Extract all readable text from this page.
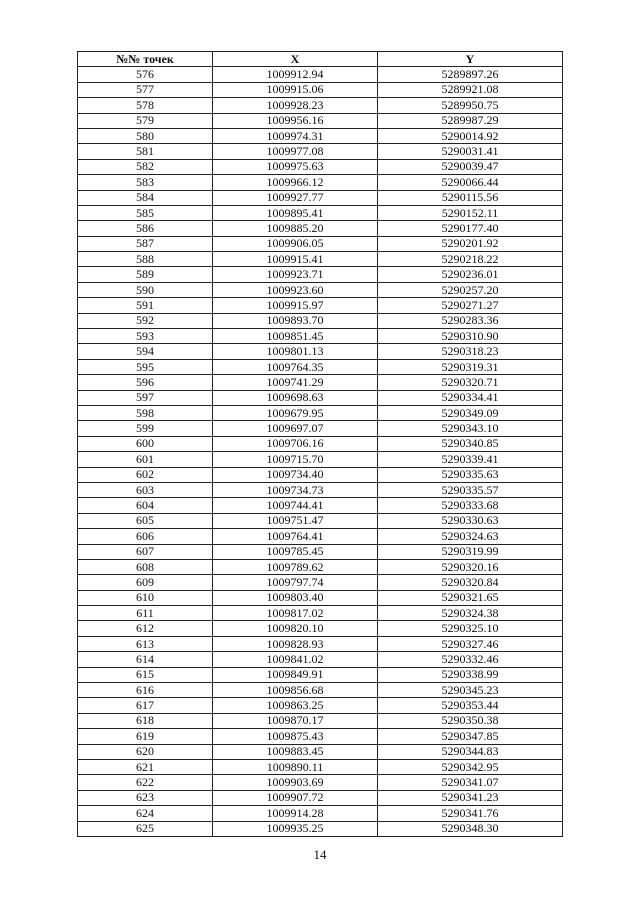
№№ точек	X	Y
576	1009912.94	5289897.26
577	1009915.06	5289921.08
578	1009928.23	5289950.75
579	1009956.16	5289987.29
580	1009974.31	5290014.92
581	1009977.08	5290031.41
582	1009975.63	5290039.47
583	1009966.12	5290066.44
584	1009927.77	5290115.56
585	1009895.41	5290152.11
586	1009885.20	5290177.40
587	1009906.05	5290201.92
588	1009915.41	5290218.22
589	1009923.71	5290236.01
590	1009923.60	5290257.20
591	1009915.97	5290271.27
592	1009893.70	5290283.36
593	1009851.45	5290310.90
594	1009801.13	5290318.23
595	1009764.35	5290319.31
596	1009741.29	5290320.71
597	1009698.63	5290334.41
598	1009679.95	5290349.09
599	1009697.07	5290343.10
600	1009706.16	5290340.85
601	1009715.70	5290339.41
602	1009734.40	5290335.63
603	1009734.73	5290335.57
604	1009744.41	5290333.68
605	1009751.47	5290330.63
606	1009764.41	5290324.63
607	1009785.45	5290319.99
608	1009789.62	5290320.16
609	1009797.74	5290320.84
610	1009803.40	5290321.65
611	1009817.02	5290324.38
612	1009820.10	5290325.10
613	1009828.93	5290327.46
614	1009841.02	5290332.46
615	1009849.91	5290338.99
616	1009856.68	5290345.23
617	1009863.25	5290353.44
618	1009870.17	5290350.38
619	1009875.43	5290347.85
620	1009883.45	5290344.83
621	1009890.11	5290342.95
622	1009903.69	5290341.07
623	1009907.72	5290341.23
624	1009914.28	5290341.76
625	1009935.25	5290348.30
14
